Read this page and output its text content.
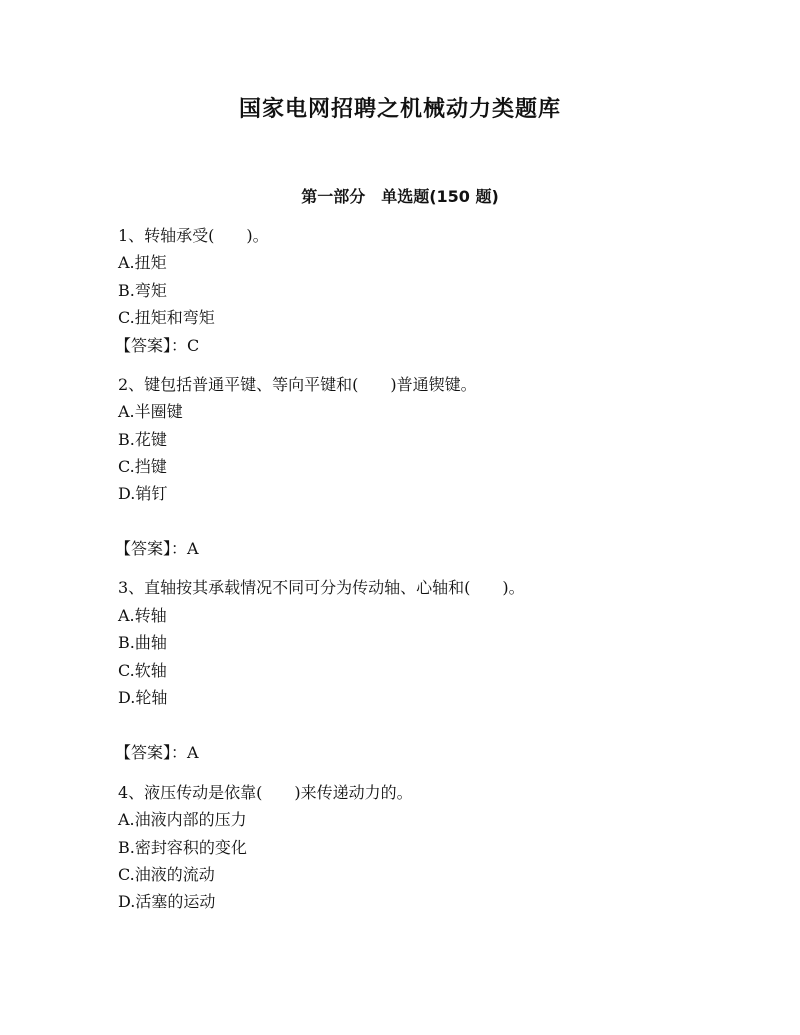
国家电网招聘之机械动力类题库
第一部分　单选题(150 题)
1、转轴承受(　　)。
A.扭矩
B.弯矩
C.扭矩和弯矩
【答案】：C
2、键包括普通平键、等向平键和(　　)普通锲键。
A.半圈键
B.花键
C.挡键
D.销钉
【答案】：A
3、直轴按其承载情况不同可分为传动轴、心轴和(　　)。
A.转轴
B.曲轴
C.软轴
D.轮轴
【答案】：A
4、液压传动是依靠(　　)来传递动力的。
A.油液内部的压力
B.密封容积的变化
C.油液的流动
D.活塞的运动
